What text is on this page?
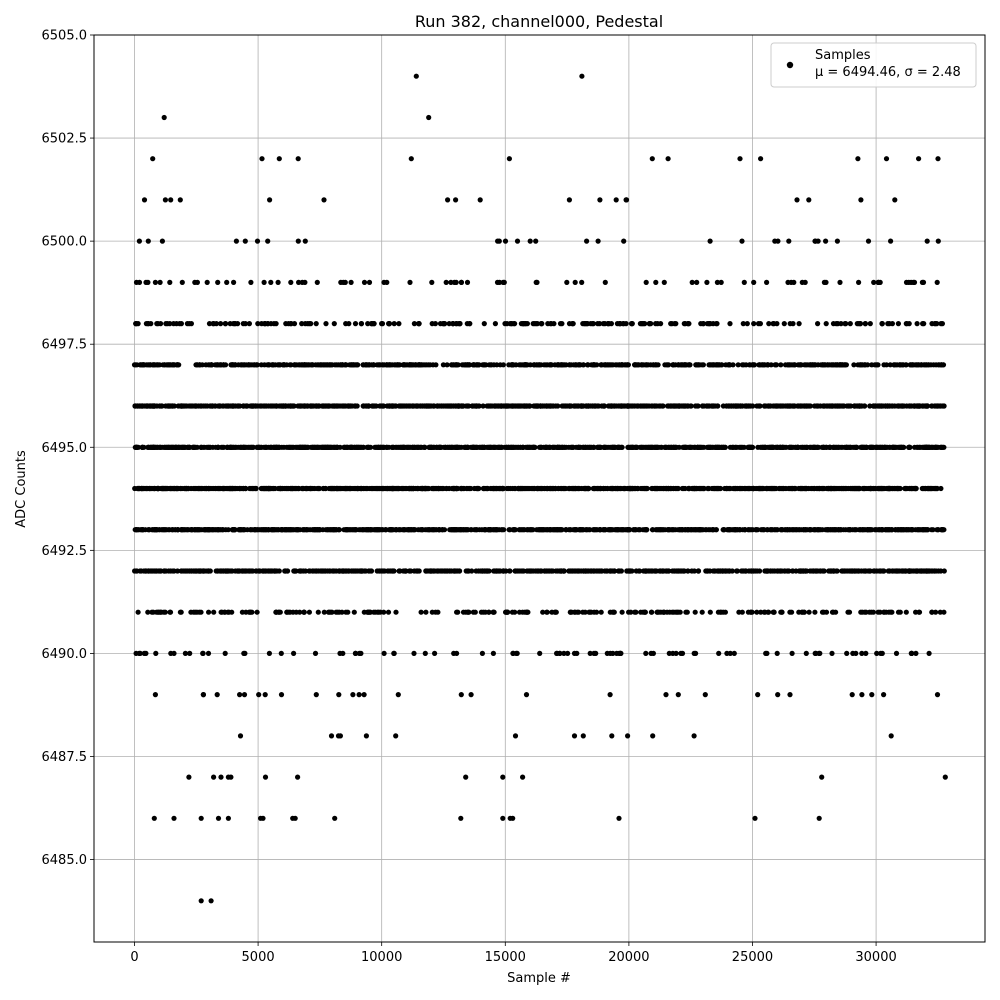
0	5000	10000	15000	20000	25000	30000
6485.0
6487.5
6490.0
6492.5
6495.0
6497.5
6500.0
6502.5
6505.0
Run 382, channel000, Pedestal
Sample #
ADC Counts
Samples
μ = 6494.46, σ = 2.48
